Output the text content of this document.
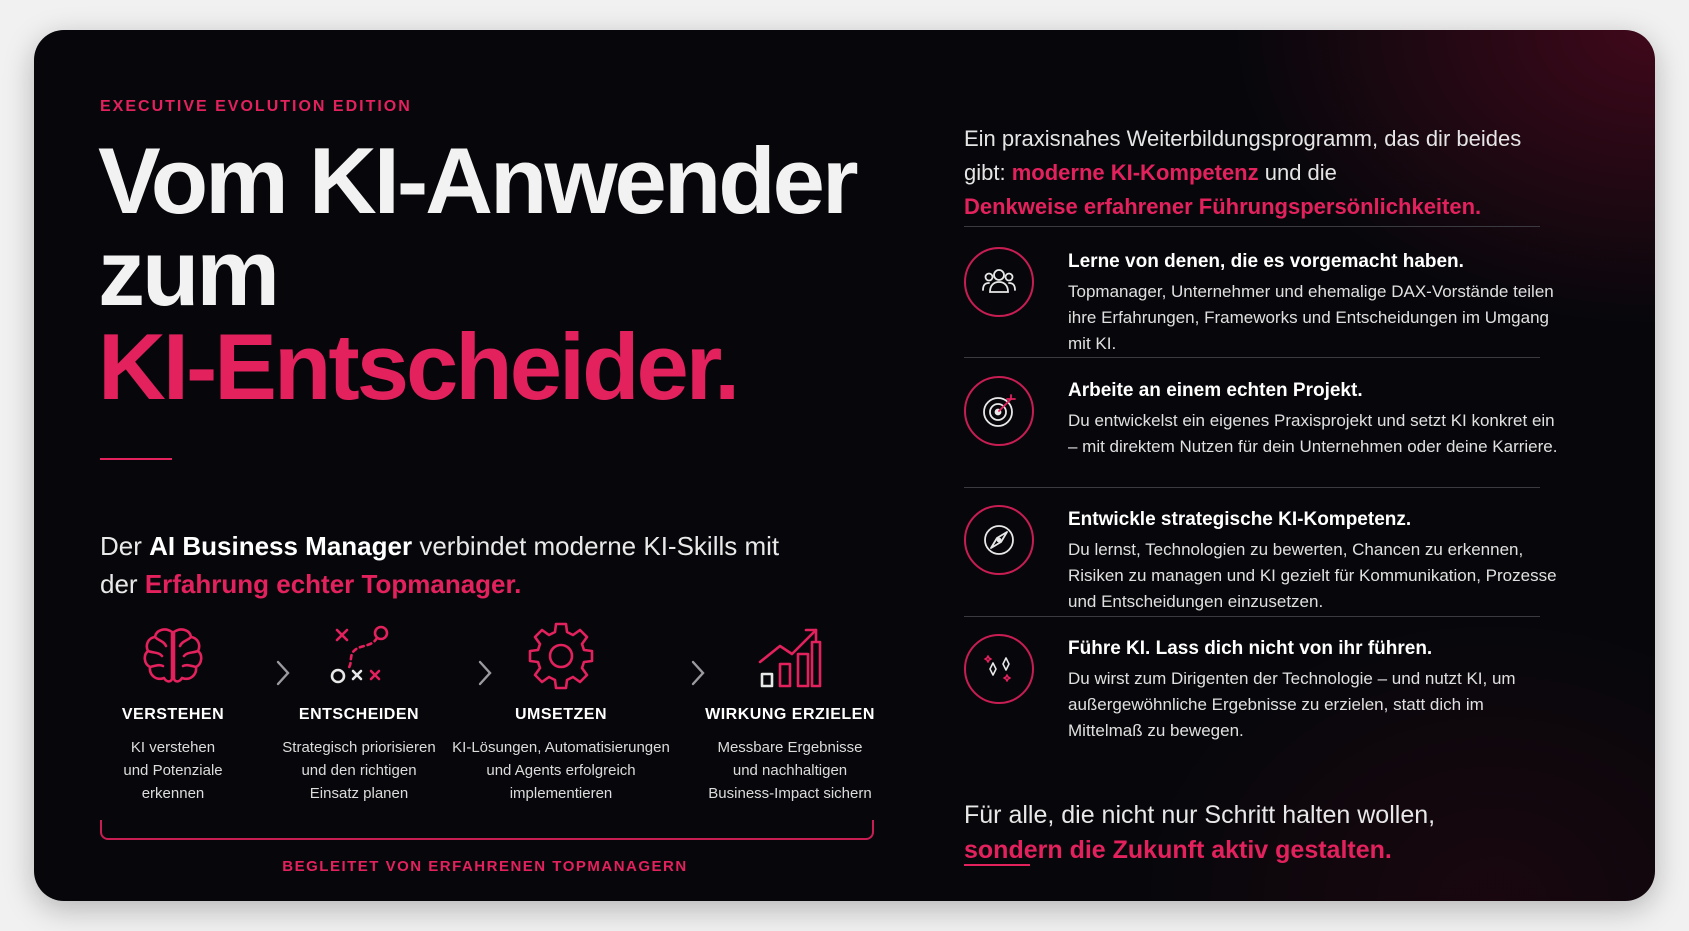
EXECUTIVE EVOLUTION EDITION
Vom KI-Anwender
zum
KI-Entscheider.
Der AI Business Manager verbindet moderne KI-Skills mit der Erfahrung echter Topmanager.
VERSTEHEN
KI verstehen
und Potenziale
erkennen
ENTSCHEIDEN
Strategisch priorisieren
und den richtigen
Einsatz planen
UMSETZEN
KI-Lösungen, Automatisierungen
und Agents erfolgreich
implementieren
WIRKUNG ERZIELEN
Messbare Ergebnisse
und nachhaltigen
Business-Impact sichern
BEGLEITET VON ERFAHRENEN TOPMANAGERN
Ein praxisnahes Weiterbildungsprogramm, das dir beides gibt: moderne KI-Kompetenz und die
Denkweise erfahrener Führungspersönlichkeiten.
Lerne von denen, die es vorgemacht haben.
Topmanager, Unternehmer und ehemalige DAX-Vorstände teilen ihre Erfahrungen, Frameworks und Entscheidungen im Umgang mit KI.
Arbeite an einem echten Projekt.
Du entwickelst ein eigenes Praxisprojekt und setzt KI konkret ein – mit direktem Nutzen für dein Unternehmen oder deine Karriere.
Entwickle strategische KI-Kompetenz.
Du lernst, Technologien zu bewerten, Chancen zu erkennen, Risiken zu managen und KI gezielt für Kommunikation, Prozesse und Entscheidungen einzusetzen.
Führe KI. Lass dich nicht von ihr führen.
Du wirst zum Dirigenten der Technologie – und nutzt KI, um außergewöhnliche Ergebnisse zu erzielen, statt dich im Mittelmaß zu bewegen.
Für alle, die nicht nur Schritt halten wollen,
sondern die Zukunft aktiv gestalten.
